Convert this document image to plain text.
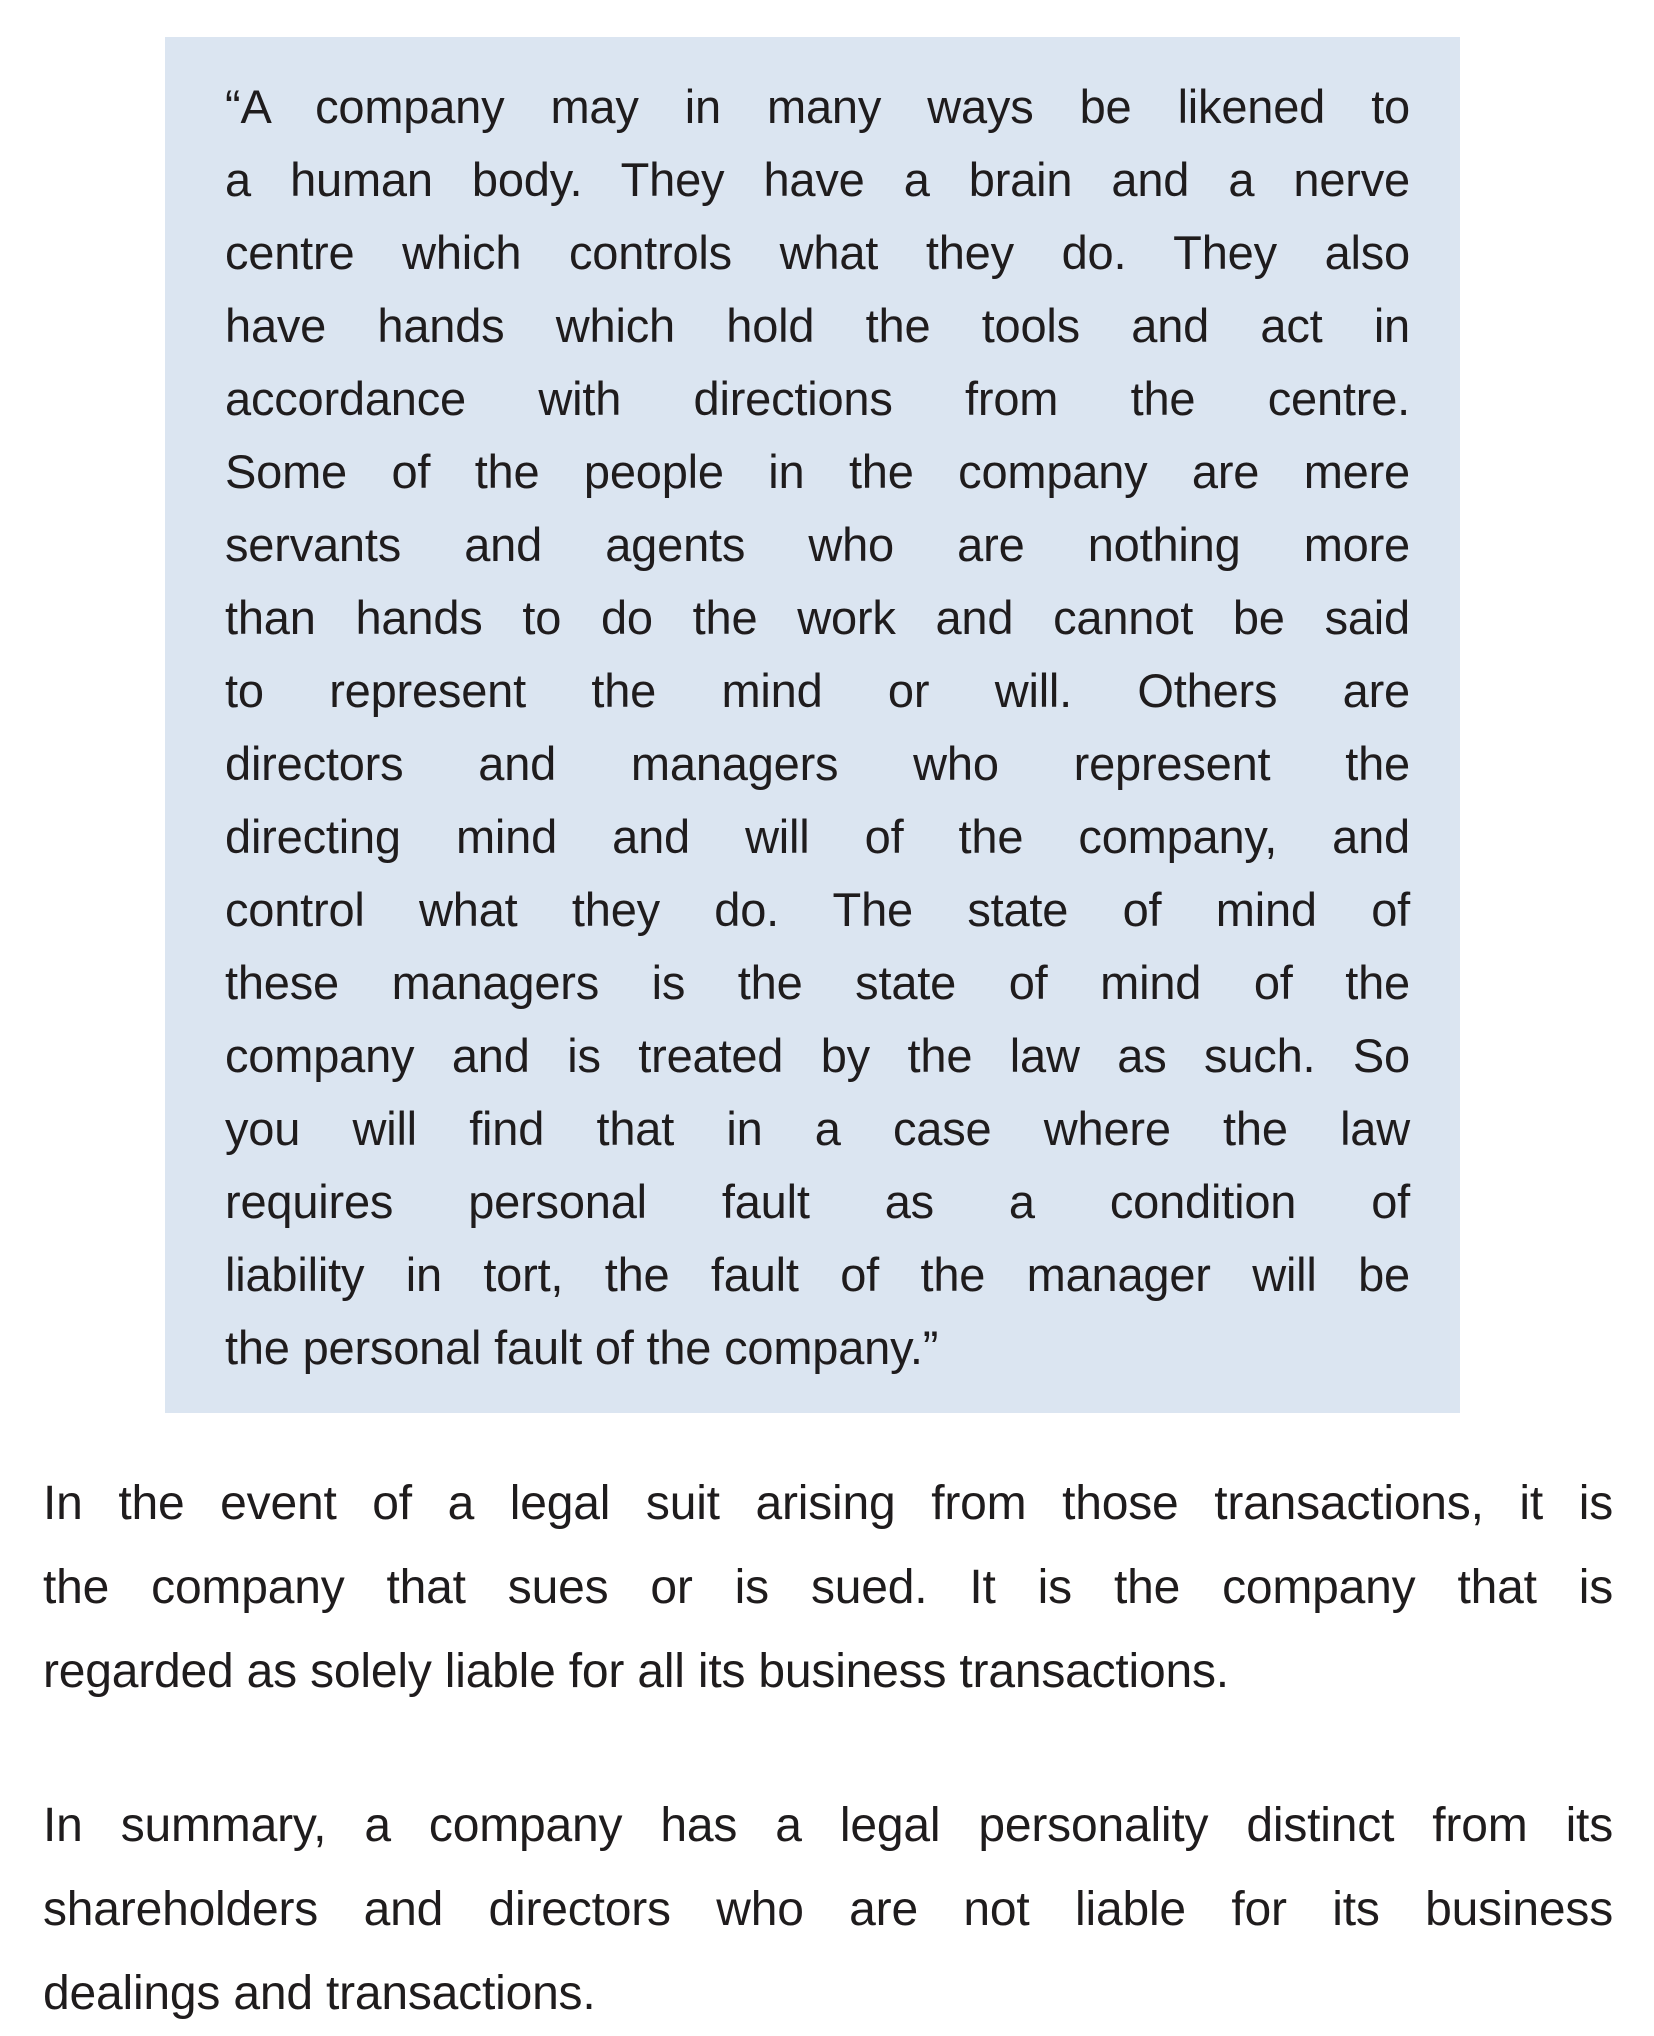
“A company may in many ways be likened to
a human body. They have a brain and a nerve
centre which controls what they do. They also
have hands which hold the tools and act in
accordance with directions from the centre.
Some of the people in the company are mere
servants and agents who are nothing more
than hands to do the work and cannot be said
to represent the mind or will. Others are
directors and managers who represent the
directing mind and will of the company, and
control what they do. The state of mind of
these managers is the state of mind of the
company and is treated by the law as such. So
you will find that in a case where the law
requires personal fault as a condition of
liability in tort, the fault of the manager will be
the personal fault of the company.”
In the event of a legal suit arising from those transactions, it is
the company that sues or is sued. It is the company that is
regarded as solely liable for all its business transactions.
In summary, a company has a legal personality distinct from its
shareholders and directors who are not liable for its business
dealings and transactions.
